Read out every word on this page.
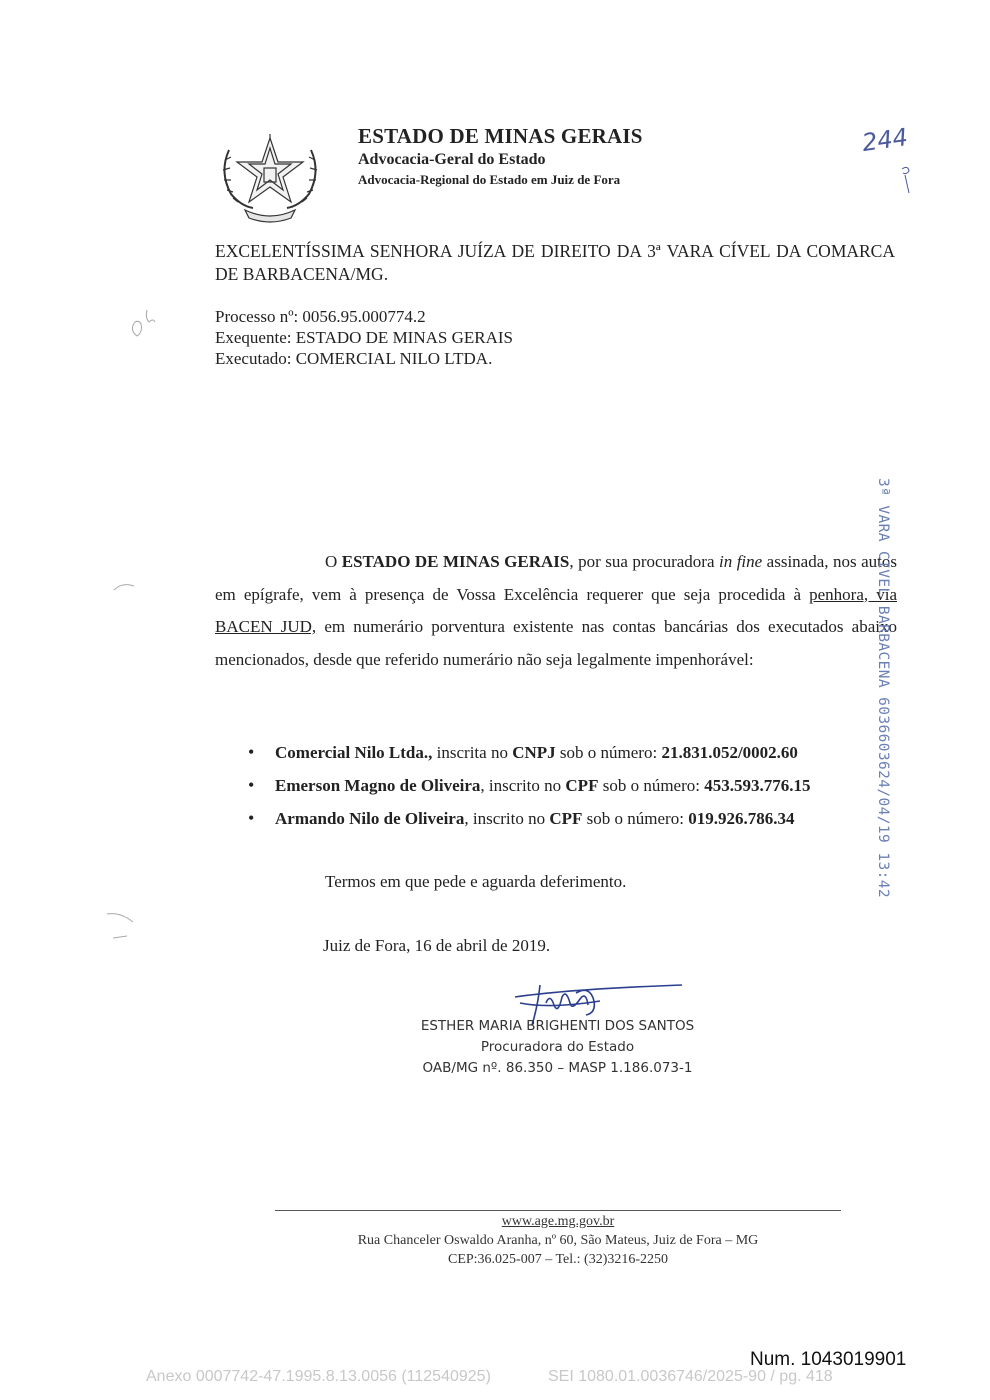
ESTADO DE MINAS GERAIS
Advocacia-Geral do Estado
Advocacia-Regional do Estado em Juiz de Fora
244
EXCELENTÍSSIMA SENHORA JUÍZA DE DIREITO DA 3ª VARA CÍVEL DA COMARCA DE BARBACENA/MG.
Processo nº: 0056.95.000774.2
Exequente: ESTADO DE MINAS GERAIS
Executado: COMERCIAL NILO LTDA.

O ESTADO DE MINAS GERAIS, por sua procuradora in fine assinada, nos autos em epígrafe, vem à presença de Vossa Excelência requerer que seja procedida à penhora, via BACEN JUD, em numerário porventura existente nas contas bancárias dos executados abaixo mencionados, desde que referido numerário não seja legalmente impenhorável:

• Comercial Nilo Ltda., inscrita no CNPJ sob o número: 21.831.052/0002.60
• Emerson Magno de Oliveira, inscrito no CPF sob o número: 453.593.776.15
• Armando Nilo de Oliveira, inscrito no CPF sob o número: 019.926.786.34
Termos em que pede e aguarda deferimento.
Juiz de Fora, 16 de abril de 2019.
ESTHER MARIA BRIGHENTI DOS SANTOS
Procuradora do Estado
OAB/MG nº. 86.350 – MASP 1.186.073-1
www.age.mg.gov.br
Rua Chanceler Oswaldo Aranha, nº 60, São Mateus, Juiz de Fora – MG
CEP:36.025-007 – Tel.: (32)3216-2250
3ª VARA CIVEL BARBACENA 6036603624/04/19 13:42
Num. 1043019901
Anexo 0007742-47.1995.8.13.0056 (112540925)	SEI 1080.01.0036746/2025-90 / pg. 418
